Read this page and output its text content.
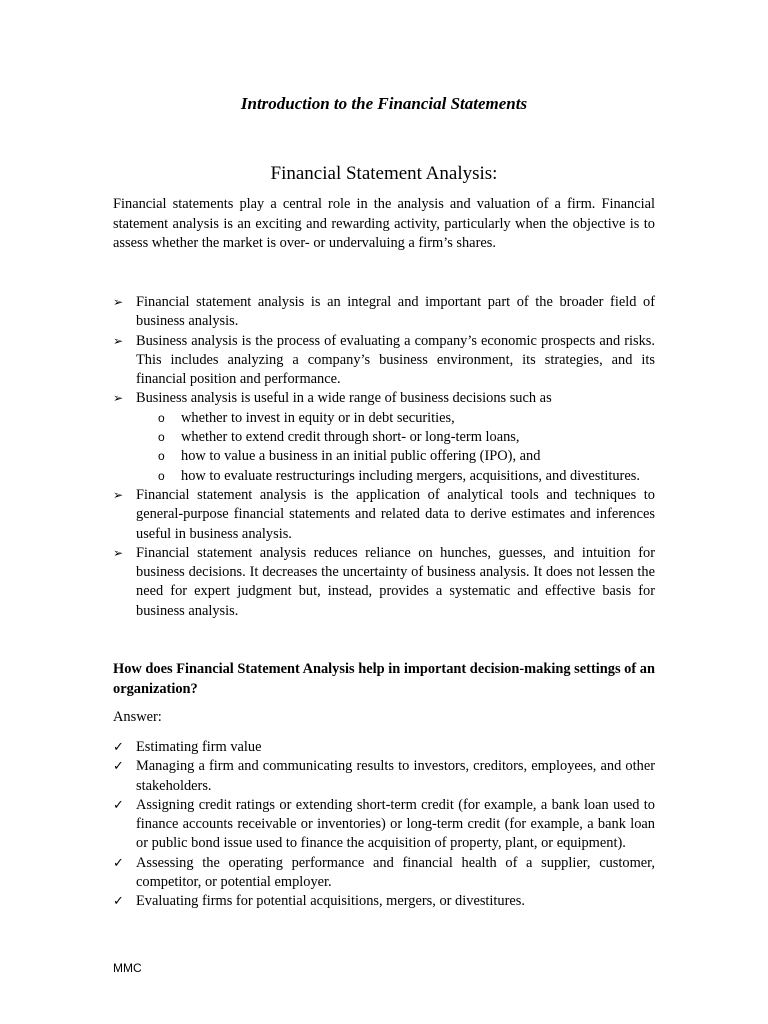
Introduction to the Financial Statements
Financial Statement Analysis:

Financial statements play a central role in the analysis and valuation of a firm. Financial statement analysis is an exciting and rewarding activity, particularly when the objective is to assess whether the market is over- or undervaluing a firm’s shares.

➢ Financial statement analysis is an integral and important part of the broader field of business analysis.
➢ Business analysis is the process of evaluating a company’s economic prospects and risks. This includes analyzing a company’s business environment, its strategies, and its financial position and performance.
➢ Business analysis is useful in a wide range of business decisions such as
o whether to invest in equity or in debt securities,
o whether to extend credit through short- or long-term loans,
o how to value a business in an initial public offering (IPO), and
o how to evaluate restructurings including mergers, acquisitions, and divestitures.
➢ Financial statement analysis is the application of analytical tools and techniques to general-purpose financial statements and related data to derive estimates and inferences useful in business analysis.
➢ Financial statement analysis reduces reliance on hunches, guesses, and intuition for business decisions. It decreases the uncertainty of business analysis. It does not lessen the need for expert judgment but, instead, provides a systematic and effective basis for business analysis.

How does Financial Statement Analysis help in important decision-making settings of an organization?

Answer:

✓ Estimating firm value
✓ Managing a firm and communicating results to investors, creditors, employees, and other stakeholders.
✓ Assigning credit ratings or extending short-term credit (for example, a bank loan used to finance accounts receivable or inventories) or long-term credit (for example, a bank loan or public bond issue used to finance the acquisition of property, plant, or equipment).
✓ Assessing the operating performance and financial health of a supplier, customer, competitor, or potential employer.
✓ Evaluating firms for potential acquisitions, mergers, or divestitures.

MMC
